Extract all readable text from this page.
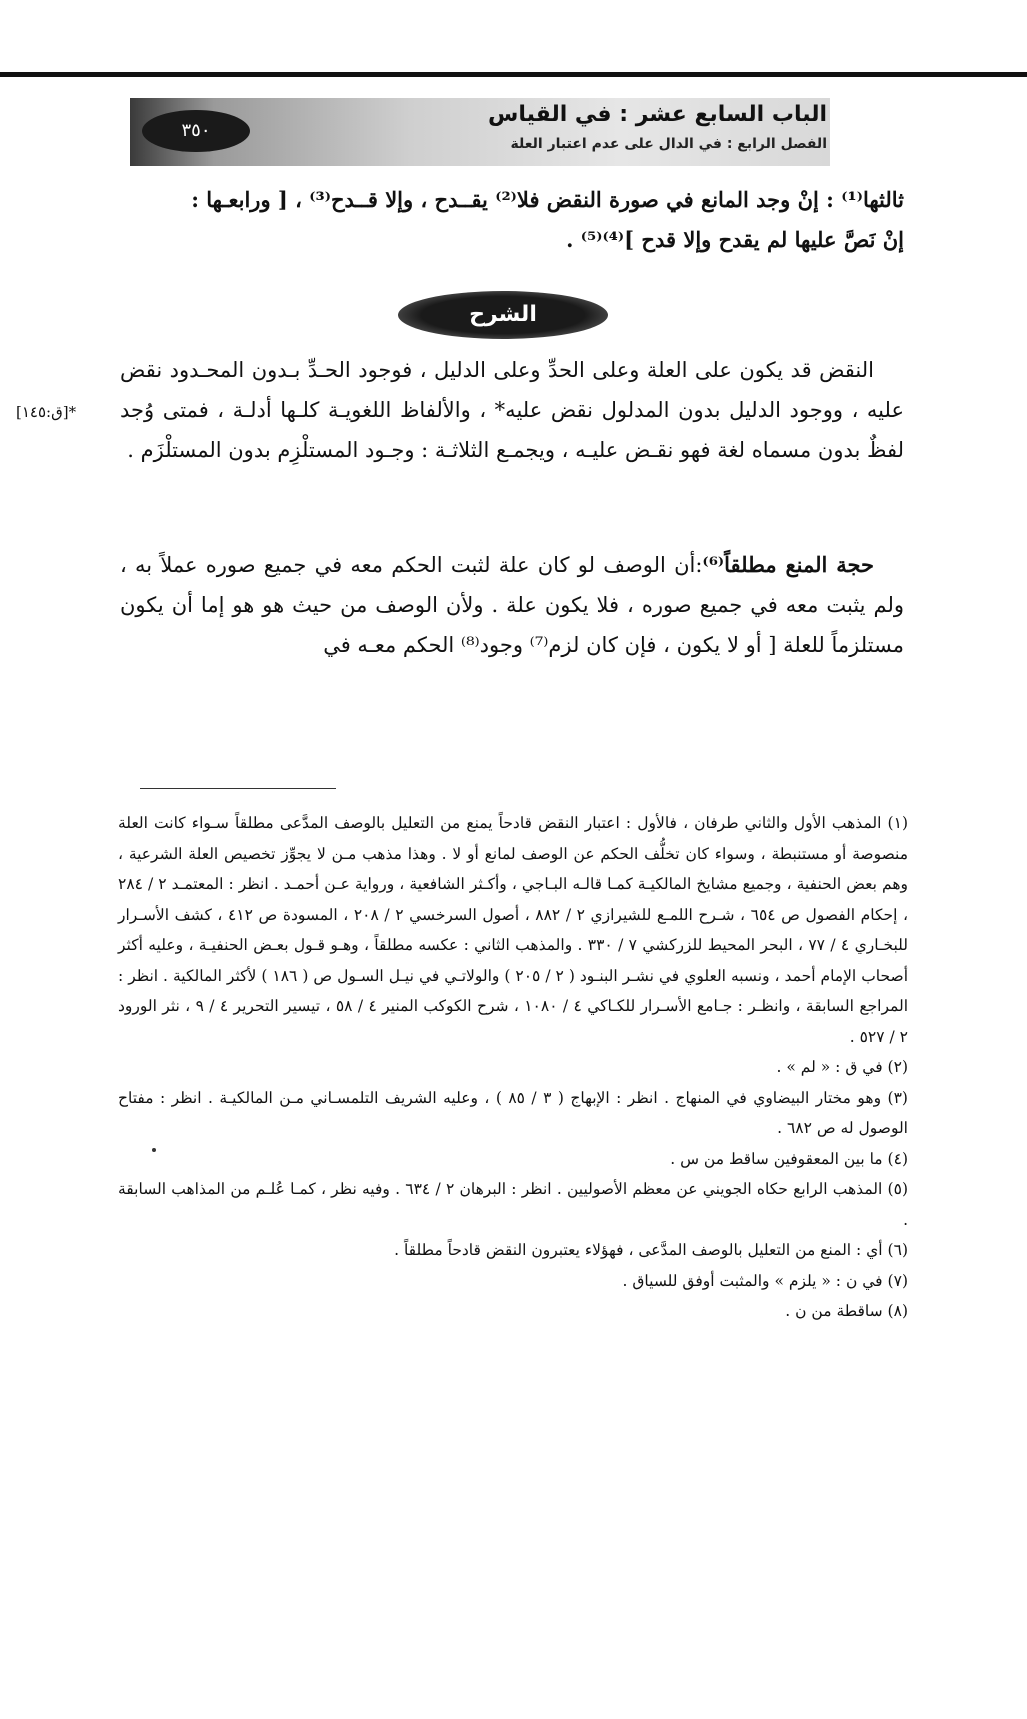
٣٥٠
الباب السابع عشر : في القياس
الفصل الرابع : في الدال على عدم اعتبار العلة
ثالثها⁽¹⁾ : إنْ وجد المانع في صورة النقض فلا⁽²⁾ يقــدح ، وإلا قــدح⁽³⁾ ، [ ورابعـها :
إنْ نَصَّ عليها لم يقدح وإلا قدح ]⁽⁴⁾⁽⁵⁾ .
الشرح
النقض قد يكون على العلة وعلى الحدِّ وعلى الدليل ، فوجود الحـدِّ بـدون المحـدود نقض عليه ، ووجود الدليل بدون المدلول نقض عليه* ، والألفاظ اللغويـة كلـها أدلـة ، فمتى وُجد لفظٌ بدون مسماه لغة فهو نقـض عليـه ، ويجمـع الثلاثـة : وجـود المستلْزِم بدون المستلْزَم .
*[ق:١٤٥]
حجة المنع مطلقاً⁽⁶⁾:أن الوصف لو كان علة لثبت الحكم معه في جميع صوره عملاً به ، ولم يثبت معه في جميع صوره ، فلا يكون علة . ولأن الوصف من حيث هو هو إما أن يكون مستلزماً للعلة [ أو لا يكون ، فإن كان لزم⁽⁷⁾ وجود⁽⁸⁾ الحكم معـه في

(١) المذهب الأول والثاني طرفان ، فالأول : اعتبار النقض قادحاً يمنع من التعليل بالوصف المدَّعى مطلقاً سـواء كانت العلة منصوصة أو مستنبطة ، وسواء كان تخلُّف الحكم عن الوصف لمانع أو لا . وهذا مذهب مـن لا يجوِّز تخصيص العلة الشرعية ، وهم بعض الحنفية ، وجميع مشايخ المالكيـة كمـا قالـه البـاجي ، وأكـثر الشافعية ، ورواية عـن أحمـد . انظر : المعتمـد ٢ / ٢٨٤ ، إحكام الفصول ص ٦٥٤ ، شـرح اللمـع للشيرازي ٢ / ٨٨٢ ، أصول السرخسي ٢ / ٢٠٨ ، المسودة ص ٤١٢ ، كشف الأسـرار للبخـاري ٤ / ٧٧ ، البحر المحيط للزركشي ٧ / ٣٣٠ . والمذهب الثاني : عكسه مطلقاً ، وهـو قـول بعـض الحنفيـة ، وعليه أكثر أصحاب الإمام أحمد ، ونسبه العلوي في نشـر البنـود ( ٢ / ٢٠٥ ) والولاتـي في نيـل السـول ص ( ١٨٦ ) لأكثر المالكية . انظر : المراجع السابقة ، وانظـر : جـامع الأسـرار للكـاكي ٤ / ١٠٨٠ ، شرح الكوكب المنير ٤ / ٥٨ ، تيسير التحرير ٤ / ٩ ، نثر الورود ٢ / ٥٢٧ .

(٢) في ق : « لم » .

(٣) وهو مختار البيضاوي في المنهاج . انظر : الإبهاج ( ٣ / ٨٥ ) ، وعليه الشريف التلمسـاني مـن المالكيـة . انظر : مفتاح الوصول له ص ٦٨٢ .

(٤) ما بين المعقوفين ساقط من س .

(٥) المذهب الرابع حكاه الجويني عن معظم الأصوليين . انظر : البرهان ٢ / ٦٣٤ . وفيه نظر ، كمـا عُلـم من المذاهب السابقة .

(٦) أي : المنع من التعليل بالوصف المدَّعى ، فهؤلاء يعتبرون النقض قادحاً مطلقاً .

(٧) في ن : « يلزم » والمثبت أوفق للسياق .

(٨) ساقطة من ن .
